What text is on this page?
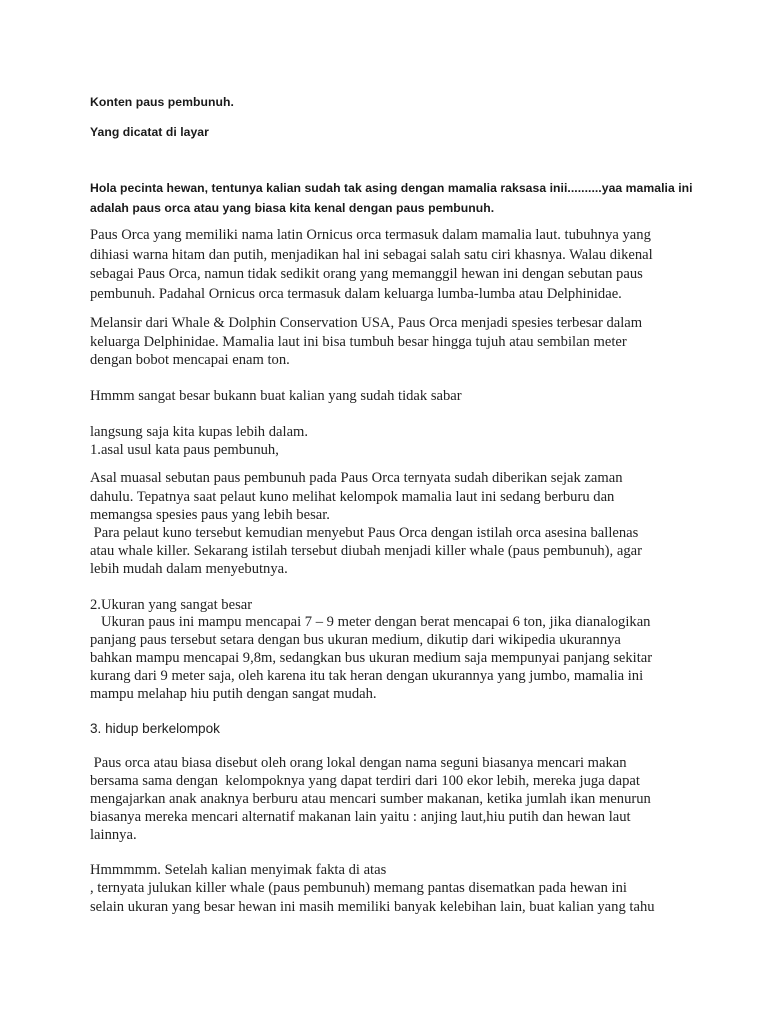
Konten paus pembunuh.
Yang dicatat di layar
Hola pecinta hewan, tentunya kalian sudah tak asing dengan mamalia raksasa inii..........yaa mamalia ini
adalah paus orca atau yang biasa kita kenal dengan paus pembunuh.
Paus Orca yang memiliki nama latin Ornicus orca termasuk dalam mamalia laut. tubuhnya yang
dihiasi warna hitam dan putih, menjadikan hal ini sebagai salah satu ciri khasnya. Walau dikenal
sebagai Paus Orca, namun tidak sedikit orang yang memanggil hewan ini dengan sebutan paus
pembunuh. Padahal Ornicus orca termasuk dalam keluarga lumba-lumba atau Delphinidae.
Melansir dari Whale & Dolphin Conservation USA, Paus Orca menjadi spesies terbesar dalam
keluarga Delphinidae. Mamalia laut ini bisa tumbuh besar hingga tujuh atau sembilan meter
dengan bobot mencapai enam ton.
Hmmm sangat besar bukann buat kalian yang sudah tidak sabar
langsung saja kita kupas lebih dalam.
1.asal usul kata paus pembunuh,
Asal muasal sebutan paus pembunuh pada Paus Orca ternyata sudah diberikan sejak zaman
dahulu. Tepatnya saat pelaut kuno melihat kelompok mamalia laut ini sedang berburu dan
memangsa spesies paus yang lebih besar.
Para pelaut kuno tersebut kemudian menyebut Paus Orca dengan istilah orca asesina ballenas
atau whale killer. Sekarang istilah tersebut diubah menjadi killer whale (paus pembunuh), agar
lebih mudah dalam menyebutnya.
2.Ukuran yang sangat besar
Ukuran paus ini mampu mencapai 7 – 9 meter dengan berat mencapai 6 ton, jika dianalogikan
panjang paus tersebut setara dengan bus ukuran medium, dikutip dari wikipedia ukurannya
bahkan mampu mencapai 9,8m, sedangkan bus ukuran medium saja mempunyai panjang sekitar
kurang dari 9 meter saja, oleh karena itu tak heran dengan ukurannya yang jumbo, mamalia ini
mampu melahap hiu putih dengan sangat mudah.
3. hidup berkelompok
Paus orca atau biasa disebut oleh orang lokal dengan nama seguni biasanya mencari makan
bersama sama dengan  kelompoknya yang dapat terdiri dari 100 ekor lebih, mereka juga dapat
mengajarkan anak anaknya berburu atau mencari sumber makanan, ketika jumlah ikan menurun
biasanya mereka mencari alternatif makanan lain yaitu : anjing laut,hiu putih dan hewan laut
lainnya.
Hmmmmm. Setelah kalian menyimak fakta di atas
, ternyata julukan killer whale (paus pembunuh) memang pantas disematkan pada hewan ini
selain ukuran yang besar hewan ini masih memiliki banyak kelebihan lain, buat kalian yang tahu
